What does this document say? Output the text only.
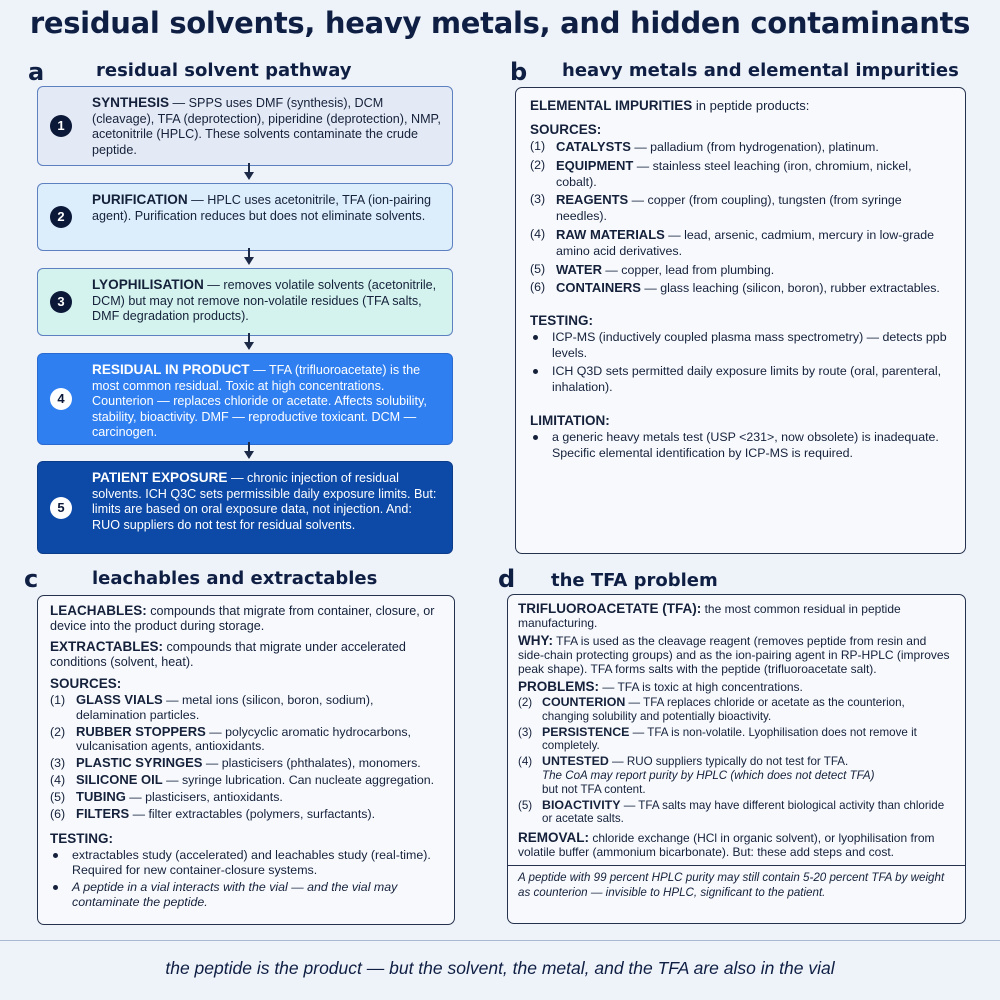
residual solvents, heavy metals, and hidden contaminants
a	residual solvent pathway
1
SYNTHESIS — SPPS uses DMF (synthesis), DCM (cleavage), TFA (deprotection), piperidine (deprotection), NMP, acetonitrile (HPLC). These solvents contaminate the crude peptide.
2
PURIFICATION — HPLC uses acetonitrile, TFA (ion-pairing agent). Purification reduces but does not eliminate solvents.
3
LYOPHILISATION — removes volatile solvents (acetonitrile, DCM) but may not remove non-volatile residues (TFA salts, DMF degradation products).
4
RESIDUAL IN PRODUCT — TFA (trifluoroacetate) is the most common residual. Toxic at high concentrations. Counterion — replaces chloride or acetate. Affects solubility, stability, bioactivity. DMF — reproductive toxicant. DCM — carcinogen.
5
PATIENT EXPOSURE — chronic injection of residual solvents. ICH Q3C sets permissible daily exposure limits. But: limits are based on oral exposure data, not injection. And: RUO suppliers do not test for residual solvents.
b heavy metals and elemental impurities
ELEMENTAL IMPURITIES in peptide products:
SOURCES:
(1) CATALYSTS — palladium (from hydrogenation), platinum.
(2) EQUIPMENT — stainless steel leaching (iron, chromium, nickel, cobalt).
(3) REAGENTS — copper (from coupling), tungsten (from syringe needles).
(4) RAW MATERIALS — lead, arsenic, cadmium, mercury in low-grade amino acid derivatives.
(5) WATER — copper, lead from plumbing.
(6) CONTAINERS — glass leaching (silicon, boron), rubber extractables.
TESTING:
ICP-MS (inductively coupled plasma mass spectrometry) — detects ppb levels.
ICH Q3D sets permitted daily exposure limits by route (oral, parenteral, inhalation).
LIMITATION:
a generic heavy metals test (USP <231>, now obsolete) is inadequate. Specific elemental identification by ICP-MS is required.
c	leachables and extractables
LEACHABLES: compounds that migrate from container, closure, or device into the product during storage.
EXTRACTABLES: compounds that migrate under accelerated conditions (solvent, heat).
SOURCES:
(1) GLASS VIALS — metal ions (silicon, boron, sodium), delamination particles.
(2) RUBBER STOPPERS — polycyclic aromatic hydrocarbons, vulcanisation agents, antioxidants.
(3) PLASTIC SYRINGES — plasticisers (phthalates), monomers.
(4) SILICONE OIL — syringe lubrication. Can nucleate aggregation.
(5) TUBING — plasticisers, antioxidants.
(6) FILTERS — filter extractables (polymers, surfactants).
TESTING:
extractables study (accelerated) and leachables study (real-time). Required for new container-closure systems.
A peptide in a vial interacts with the vial — and the vial may contaminate the peptide.
d the TFA problem
TRIFLUOROACETATE (TFA): the most common residual in peptide manufacturing.
WHY: TFA is used as the cleavage reagent (removes peptide from resin and side-chain protecting groups) and as the ion-pairing agent in RP-HPLC (improves peak shape). TFA forms salts with the peptide (trifluoroacetate salt).
PROBLEMS: — TFA is toxic at high concentrations.
(2) COUNTERION — TFA replaces chloride or acetate as the counterion, changing solubility and potentially bioactivity.
(3) PERSISTENCE — TFA is non-volatile. Lyophilisation does not remove it completely.
(4) UNTESTED — RUO suppliers typically do not test for TFA.
The CoA may report purity by HPLC (which does not detect TFA)
but not TFA content.
(5) BIOACTIVITY — TFA salts may have different biological activity than chloride or acetate salts.
REMOVAL: chloride exchange (HCl in organic solvent), or lyophilisation from volatile buffer (ammonium bicarbonate). But: these add steps and cost.
A peptide with 99 percent HPLC purity may still contain 5-20 percent TFA by weight as counterion — invisible to HPLC, significant to the patient.
the peptide is the product — but the solvent, the metal, and the TFA are also in the vial
